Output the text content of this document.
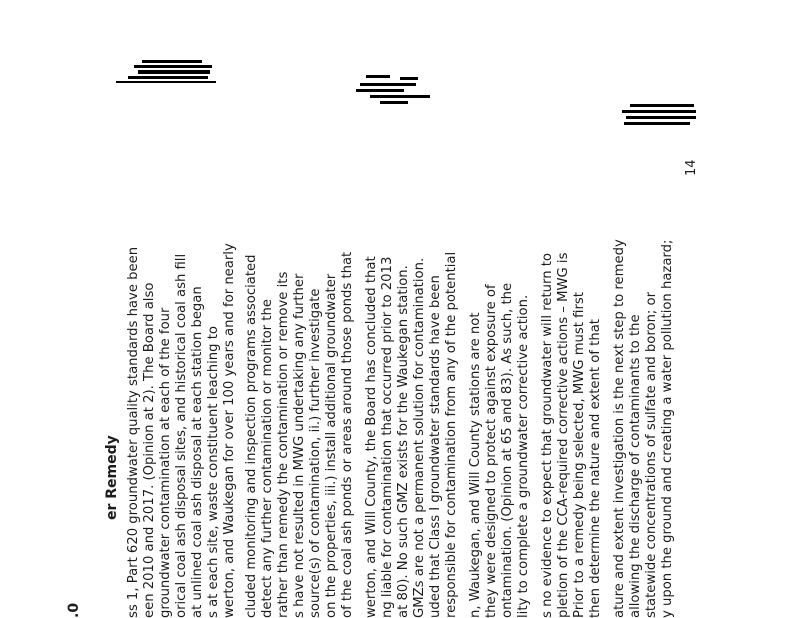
.0
er Remedy ss 1, Part 620 groundwater quality standards have been een 2010 and 2017. (Opinion at 2). The Board also groundwater contamination at each of the four orical coal ash disposal sites, and historical coal ash fill at unlined coal ash disposal at each station began s at each site, waste constituent leaching to werton, and Waukegan for over 100 years and for nearly cluded monitoring and inspection programs associated detect any further contamination or monitor the rather than remedy the contamination or remove its s have not resulted in MWG undertaking any further source(s) of contamination, ii.) further investigate on the properties, iii.) install additional groundwater of the coal ash ponds or areas around those ponds that werton, and Will County, the Board has concluded that ng liable for contamination that occurred prior to 2013 at 80). No such GMZ exists for the Waukegan station. GMZs are not a permanent solution for contamination. uded that Class I groundwater standards have been responsible for contamination from any of the potential n, Waukegan, and Will County stations are not they were designed to protect against exposure of ontamination. (Opinion at 65 and 83). As such, the lity to complete a groundwater corrective action. s no evidence to expect that groundwater will return to pletion of the CCA-required corrective actions – MWG is Prior to a remedy being selected, MWG must first then determine the nature and extent of that ature and extent investigation is the next step to remedy allowing the discharge of contaminants to the statewide concentrations of sulfate and boron; or y upon the ground and creating a water pollution hazard;
14
